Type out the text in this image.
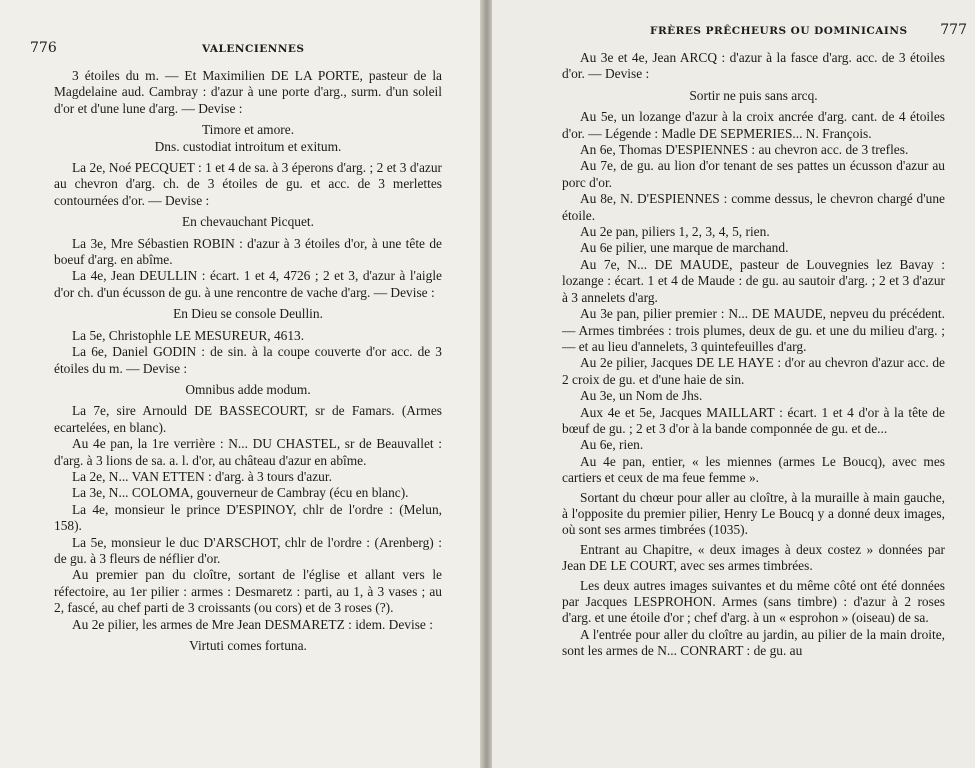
776	VALENCIENNES

3 étoiles du m. — Et Maximilien DE LA PORTE, pasteur de la Magdelaine aud. Cambray : d'azur à une porte d'arg., surm. d'un soleil d'or et d'une lune d'arg. — Devise :

Timore et amore.

Dns. custodiat introitum et exitum.

La 2e, Noé PECQUET : 1 et 4 de sa. à 3 éperons d'arg. ; 2 et 3 d'azur au chevron d'arg. ch. de 3 étoiles de gu. et acc. de 3 merlettes contournées d'or. — Devise :

En chevauchant Picquet.

La 3e, Mre Sébastien ROBIN : d'azur à 3 étoiles d'or, à une tête de boeuf d'arg. en abîme.

La 4e, Jean DEULLIN : écart. 1 et 4, 4726 ; 2 et 3, d'azur à l'aigle d'or ch. d'un écusson de gu. à une rencontre de vache d'arg. — Devise :

En Dieu se console Deullin.

La 5e, Christophle LE MESUREUR, 4613.

La 6e, Daniel GODIN : de sin. à la coupe couverte d'or acc. de 3 étoiles du m. — Devise :

Omnibus adde modum.

La 7e, sire Arnould DE BASSECOURT, sr de Famars. (Armes ecartelées, en blanc).

Au 4e pan, la 1re verrière : N... DU CHASTEL, sr de Beauvallet : d'arg. à 3 lions de sa. a. l. d'or, au château d'azur en abîme.

La 2e, N... VAN ETTEN : d'arg. à 3 tours d'azur.

La 3e, N... COLOMA, gouverneur de Cambray (écu en blanc).

La 4e, monsieur le prince D'ESPINOY, chlr de l'ordre : (Melun, 158).

La 5e, monsieur le duc D'ARSCHOT, chlr de l'ordre : (Arenberg) : de gu. à 3 fleurs de néflier d'or.

Au premier pan du cloître, sortant de l'église et allant vers le réfectoire, au 1er pilier : armes : Desmaretz : parti, au 1, à 3 vases ; au 2, fascé, au chef parti de 3 croissants (ou cors) et de 3 roses (?).

Au 2e pilier, les armes de Mre Jean DESMARETZ : idem. Devise :

Virtuti comes fortuna.

FRÈRES PRÊCHEURS OU DOMINICAINS 777

Au 3e et 4e, Jean ARCQ : d'azur à la fasce d'arg. acc. de 3 étoiles d'or. — Devise :

Sortir ne puis sans arcq.

Au 5e, un lozange d'azur à la croix ancrée d'arg. cant. de 4 étoiles d'or. — Légende : Madle DE SEPMERIES... N. François.

An 6e, Thomas D'ESPIENNES : au chevron acc. de 3 trefles.

Au 7e, de gu. au lion d'or tenant de ses pattes un écusson d'azur au porc d'or.

Au 8e, N. D'ESPIENNES : comme dessus, le chevron chargé d'une étoile.

Au 2e pan, piliers 1, 2, 3, 4, 5, rien.

Au 6e pilier, une marque de marchand.

Au 7e, N... DE MAUDE, pasteur de Louvegnies lez Bavay : lozange : écart. 1 et 4 de Maude : de gu. au sautoir d'arg. ; 2 et 3 d'azur à 3 annelets d'arg.

Au 3e pan, pilier premier : N... DE MAUDE, nepveu du précédent. — Armes timbrées : trois plumes, deux de gu. et une du milieu d'arg. ; — et au lieu d'annelets, 3 quintefeuilles d'arg.

Au 2e pilier, Jacques DE LE HAYE : d'or au chevron d'azur acc. de 2 croix de gu. et d'une haie de sin.

Au 3e, un Nom de Jhs.

Aux 4e et 5e, Jacques MAILLART : écart. 1 et 4 d'or à la tête de bœuf de gu. ; 2 et 3 d'or à la bande componnée de gu. et de...

Au 6e, rien.

Au 4e pan, entier, « les miennes (armes Le Boucq), avec mes cartiers et ceux de ma feue femme ».

Sortant du chœur pour aller au cloître, à la muraille à main gauche, à l'opposite du premier pilier, Henry Le Boucq y a donné deux images, où sont ses armes timbrées (1035).

Entrant au Chapitre, « deux images à deux costez » données par Jean DE LE COURT, avec ses armes timbrées.

Les deux autres images suivantes et du même côté ont été données par Jacques LESPROHON. Armes (sans timbre) : d'azur à 2 roses d'arg. et une étoile d'or ; chef d'arg. à un « esprohon » (oiseau) de sa.

A l'entrée pour aller du cloître au jardin, au pilier de la main droite, sont les armes de N... CONRART : de gu. au
